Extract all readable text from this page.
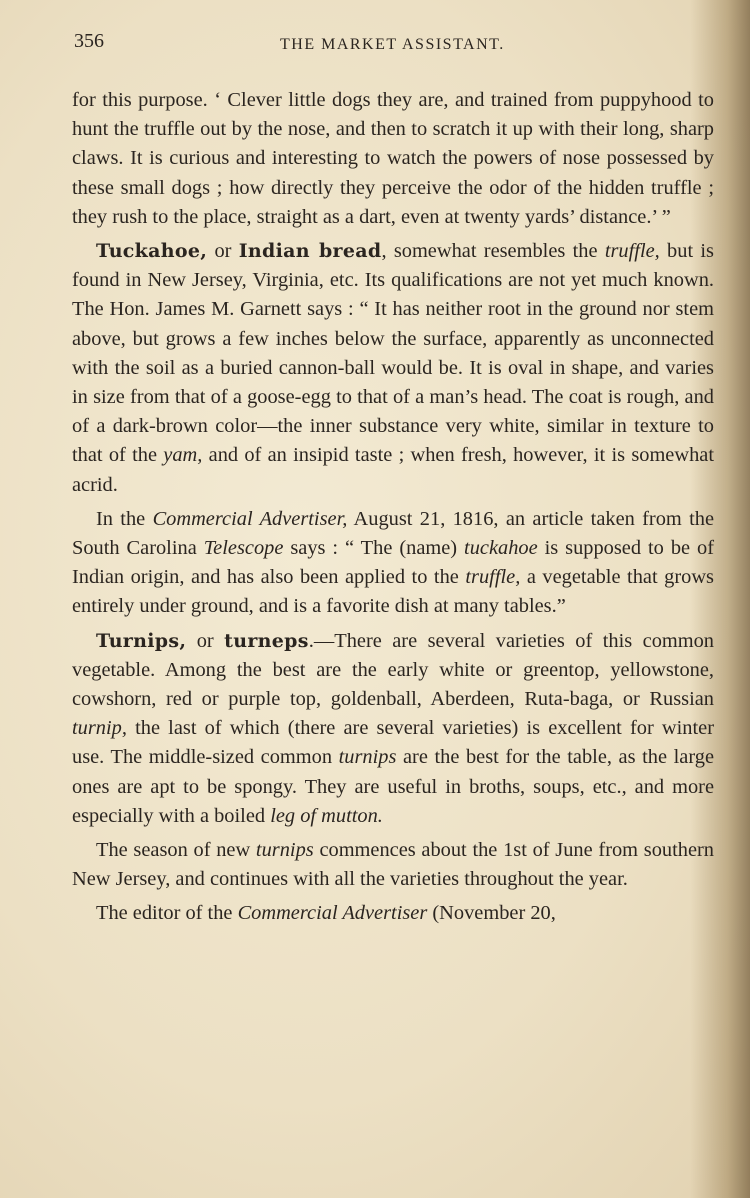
356	THE MARKET ASSISTANT.

for this purpose. ‘ Clever little dogs they are, and trained from puppyhood to hunt the truffle out by the nose, and then to scratch it up with their long, sharp claws. It is curious and interesting to watch the powers of nose possessed by these small dogs ; how directly they perceive the odor of the hidden truffle ; they rush to the place, straight as a dart, even at twenty yards’ distance.’ ”

Tuckahoe, or Indian bread, somewhat resembles the truffle, but is found in New Jersey, Virginia, etc. Its qualifications are not yet much known. The Hon. James M. Garnett says : “ It has neither root in the ground nor stem above, but grows a few inches below the surface, apparently as unconnected with the soil as a buried cannon-ball would be. It is oval in shape, and varies in size from that of a goose-egg to that of a man’s head. The coat is rough, and of a dark-brown color—the inner substance very white, similar in texture to that of the yam, and of an insipid taste ; when fresh, however, it is somewhat acrid.

In the Commercial Advertiser, August 21, 1816, an article taken from the South Carolina Telescope says : “ The (name) tuckahoe is supposed to be of Indian origin, and has also been applied to the truffle, a vegetable that grows entirely under ground, and is a favorite dish at many tables.”

Turnips, or turneps.—There are several varieties of this common vegetable. Among the best are the early white or greentop, yellowstone, cowshorn, red or purple top, goldenball, Aberdeen, Ruta-baga, or Russian turnip, the last of which (there are several varieties) is excellent for winter use. The middle-sized common turnips are the best for the table, as the large ones are apt to be spongy. They are useful in broths, soups, etc., and more especially with a boiled leg of mutton.

The season of new turnips commences about the 1st of June from southern New Jersey, and continues with all the varieties throughout the year.

The editor of the Commercial Advertiser (November 20,
